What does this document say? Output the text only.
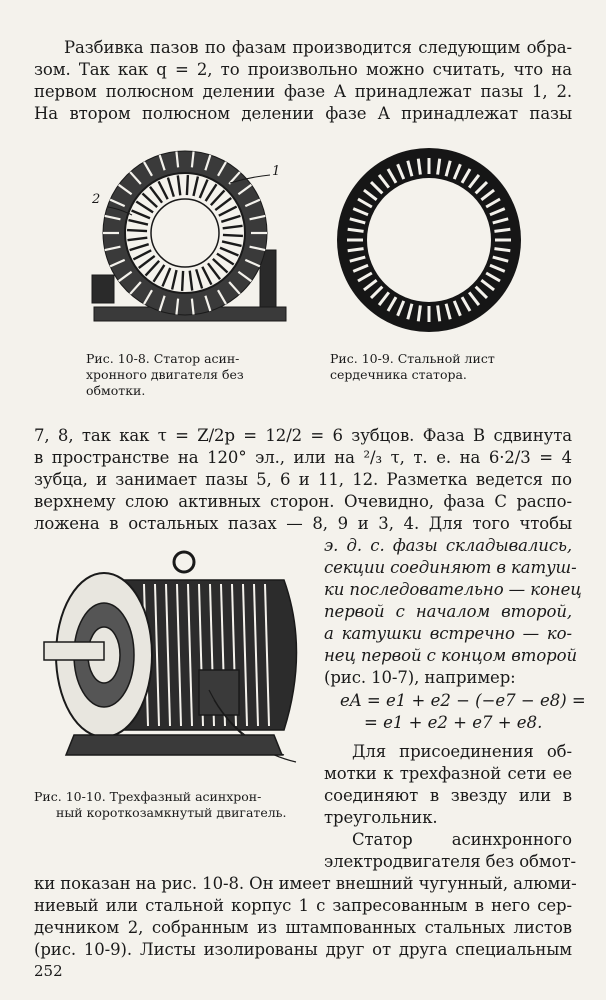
Разбивка пазов по фазам производится следующим обра-
зом. Так как q = 2, то произвольно можно считать, что на
первом полюсном делении фазе A принадлежат пазы 1, 2.
На втором полюсном делении фазе A принадлежат пазы
1
2
Рис. 10-8. Статор асин-
хронного двигателя без
обмотки.
Рис. 10-9. Стальной лист
сердечника статора.
7, 8, так как τ = Z/2p = 12/2 = 6 зубцов. Фаза B сдвинута
в пространстве на 120° эл., или на ²/₃ τ, т. е. на 6·2/3 = 4
зубца, и занимает пазы 5, 6 и 11, 12. Разметка ведется по
верхнему слою активных сторон. Очевидно, фаза C распо-
ложена в остальных пазах — 8, 9 и 3, 4. Для того чтобы
Рис. 10-10. Трехфазный асинхрон-
ный короткозамкнутый двигатель.
э. д. с. фазы складывались,
секции соединяют в катуш-
ки последовательно — конец
первой с началом второй,
а катушки встречно — ко-
нец первой с концом второй
(рис. 10-7), например:
eA = e1 + e2 − (−e7 − e8) =
= e1 + e2 + e7 + e8.
Для присоединения об-
мотки к трехфазной сети ее
соединяют в звезду или в
треугольник.
Статор асинхронного
электродвигателя без обмот-
ки показан на рис. 10-8. Он имеет внешний чугунный, алюми-
ниевый или стальной корпус 1 с запресованным в него сер-
дечником 2, собранным из штампованных стальных листов
(рис. 10-9). Листы изолированы друг от друга специальным
252
